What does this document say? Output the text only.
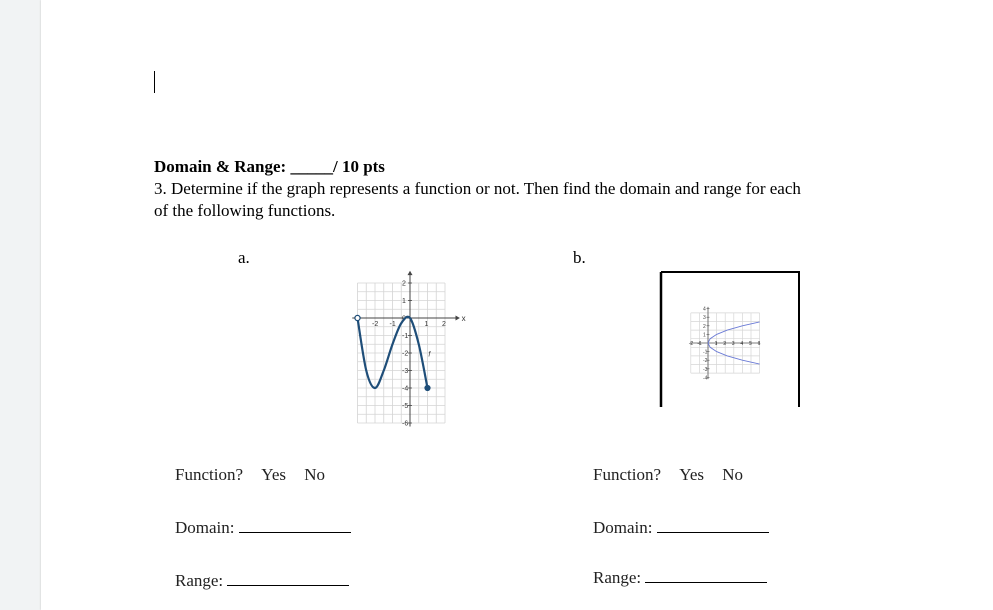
Domain & Range: _____/ 10 pts
3. Determine if the graph represents a function or not. Then find the domain and range for each
of the following functions.
a.	b.
x
-2 -1	1 2
2
1
0
-1
-2
-3
-4
-5
-6
f
-2 -1	1 2 3 4 5 6
4
3
2
1
-1
-2
-3
-4
Function? Yes No
Domain:
Range:
Function? Yes No
Domain:
Range:
